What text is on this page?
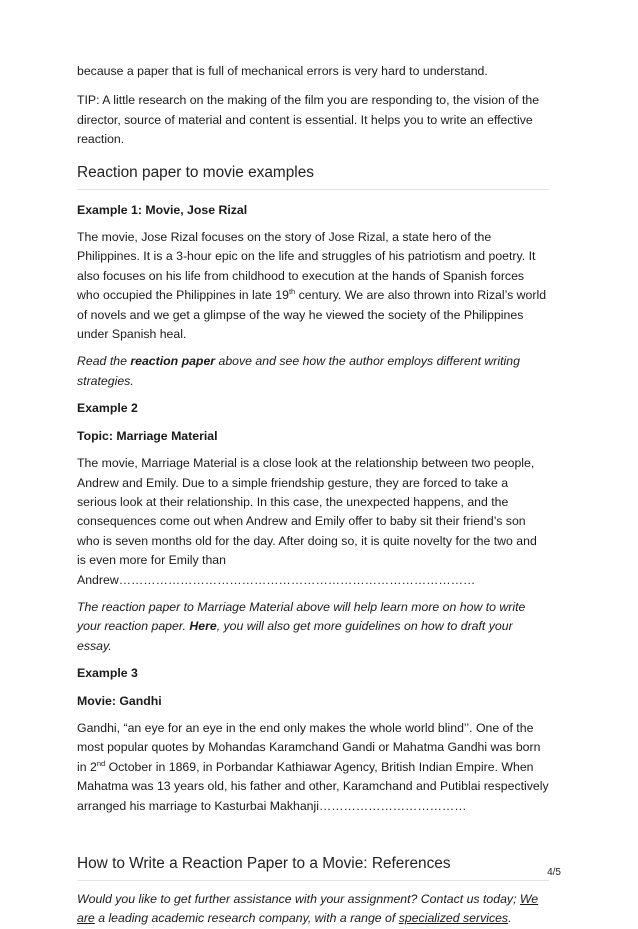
because a paper that is full of mechanical errors is very hard to understand.

TIP: A little research on the making of the film you are responding to, the vision of the director, source of material and content is essential. It helps you to write an effective reaction.

Reaction paper to movie examples

Example 1: Movie, Jose Rizal

The movie, Jose Rizal focuses on the story of Jose Rizal, a state hero of the Philippines. It is a 3-hour epic on the life and struggles of his patriotism and poetry. It also focuses on his life from childhood to execution at the hands of Spanish forces who occupied the Philippines in late 19th century. We are also thrown into Rizal’s world of novels and we get a glimpse of the way he viewed the society of the Philippines under Spanish heal.

Read the reaction paper above and see how the author employs different writing strategies.

Example 2

Topic: Marriage Material

The movie, Marriage Material is a close look at the relationship between two people, Andrew and Emily. Due to a simple friendship gesture, they are forced to take a serious look at their relationship. In this case, the unexpected happens, and the consequences come out when Andrew and Emily offer to baby sit their friend’s son who is seven months old for the day. After doing so, it is quite novelty for the two and is even more for Emily than Andrew……………………………………………………………………………

The reaction paper to Marriage Material above will help learn more on how to write your reaction paper. Here, you will also get more guidelines on how to draft your essay.

Example 3

Movie: Gandhi

Gandhi, “an eye for an eye in the end only makes the whole world blind’’. One of the most popular quotes by Mohandas Karamchand Gandi or Mahatma Gandhi was born in 2nd October in 1869, in Porbandar Kathiawar Agency, British Indian Empire. When Mahatma was 13 years old, his father and other, Karamchand and Putiblai respectively arranged his marriage to Kasturbai Makhanji………………………………

How to Write a Reaction Paper to a Movie: References

Would you like to get further assistance with your assignment? Contact us today; We are a leading academic research company, with a range of specialized services.

4/5
